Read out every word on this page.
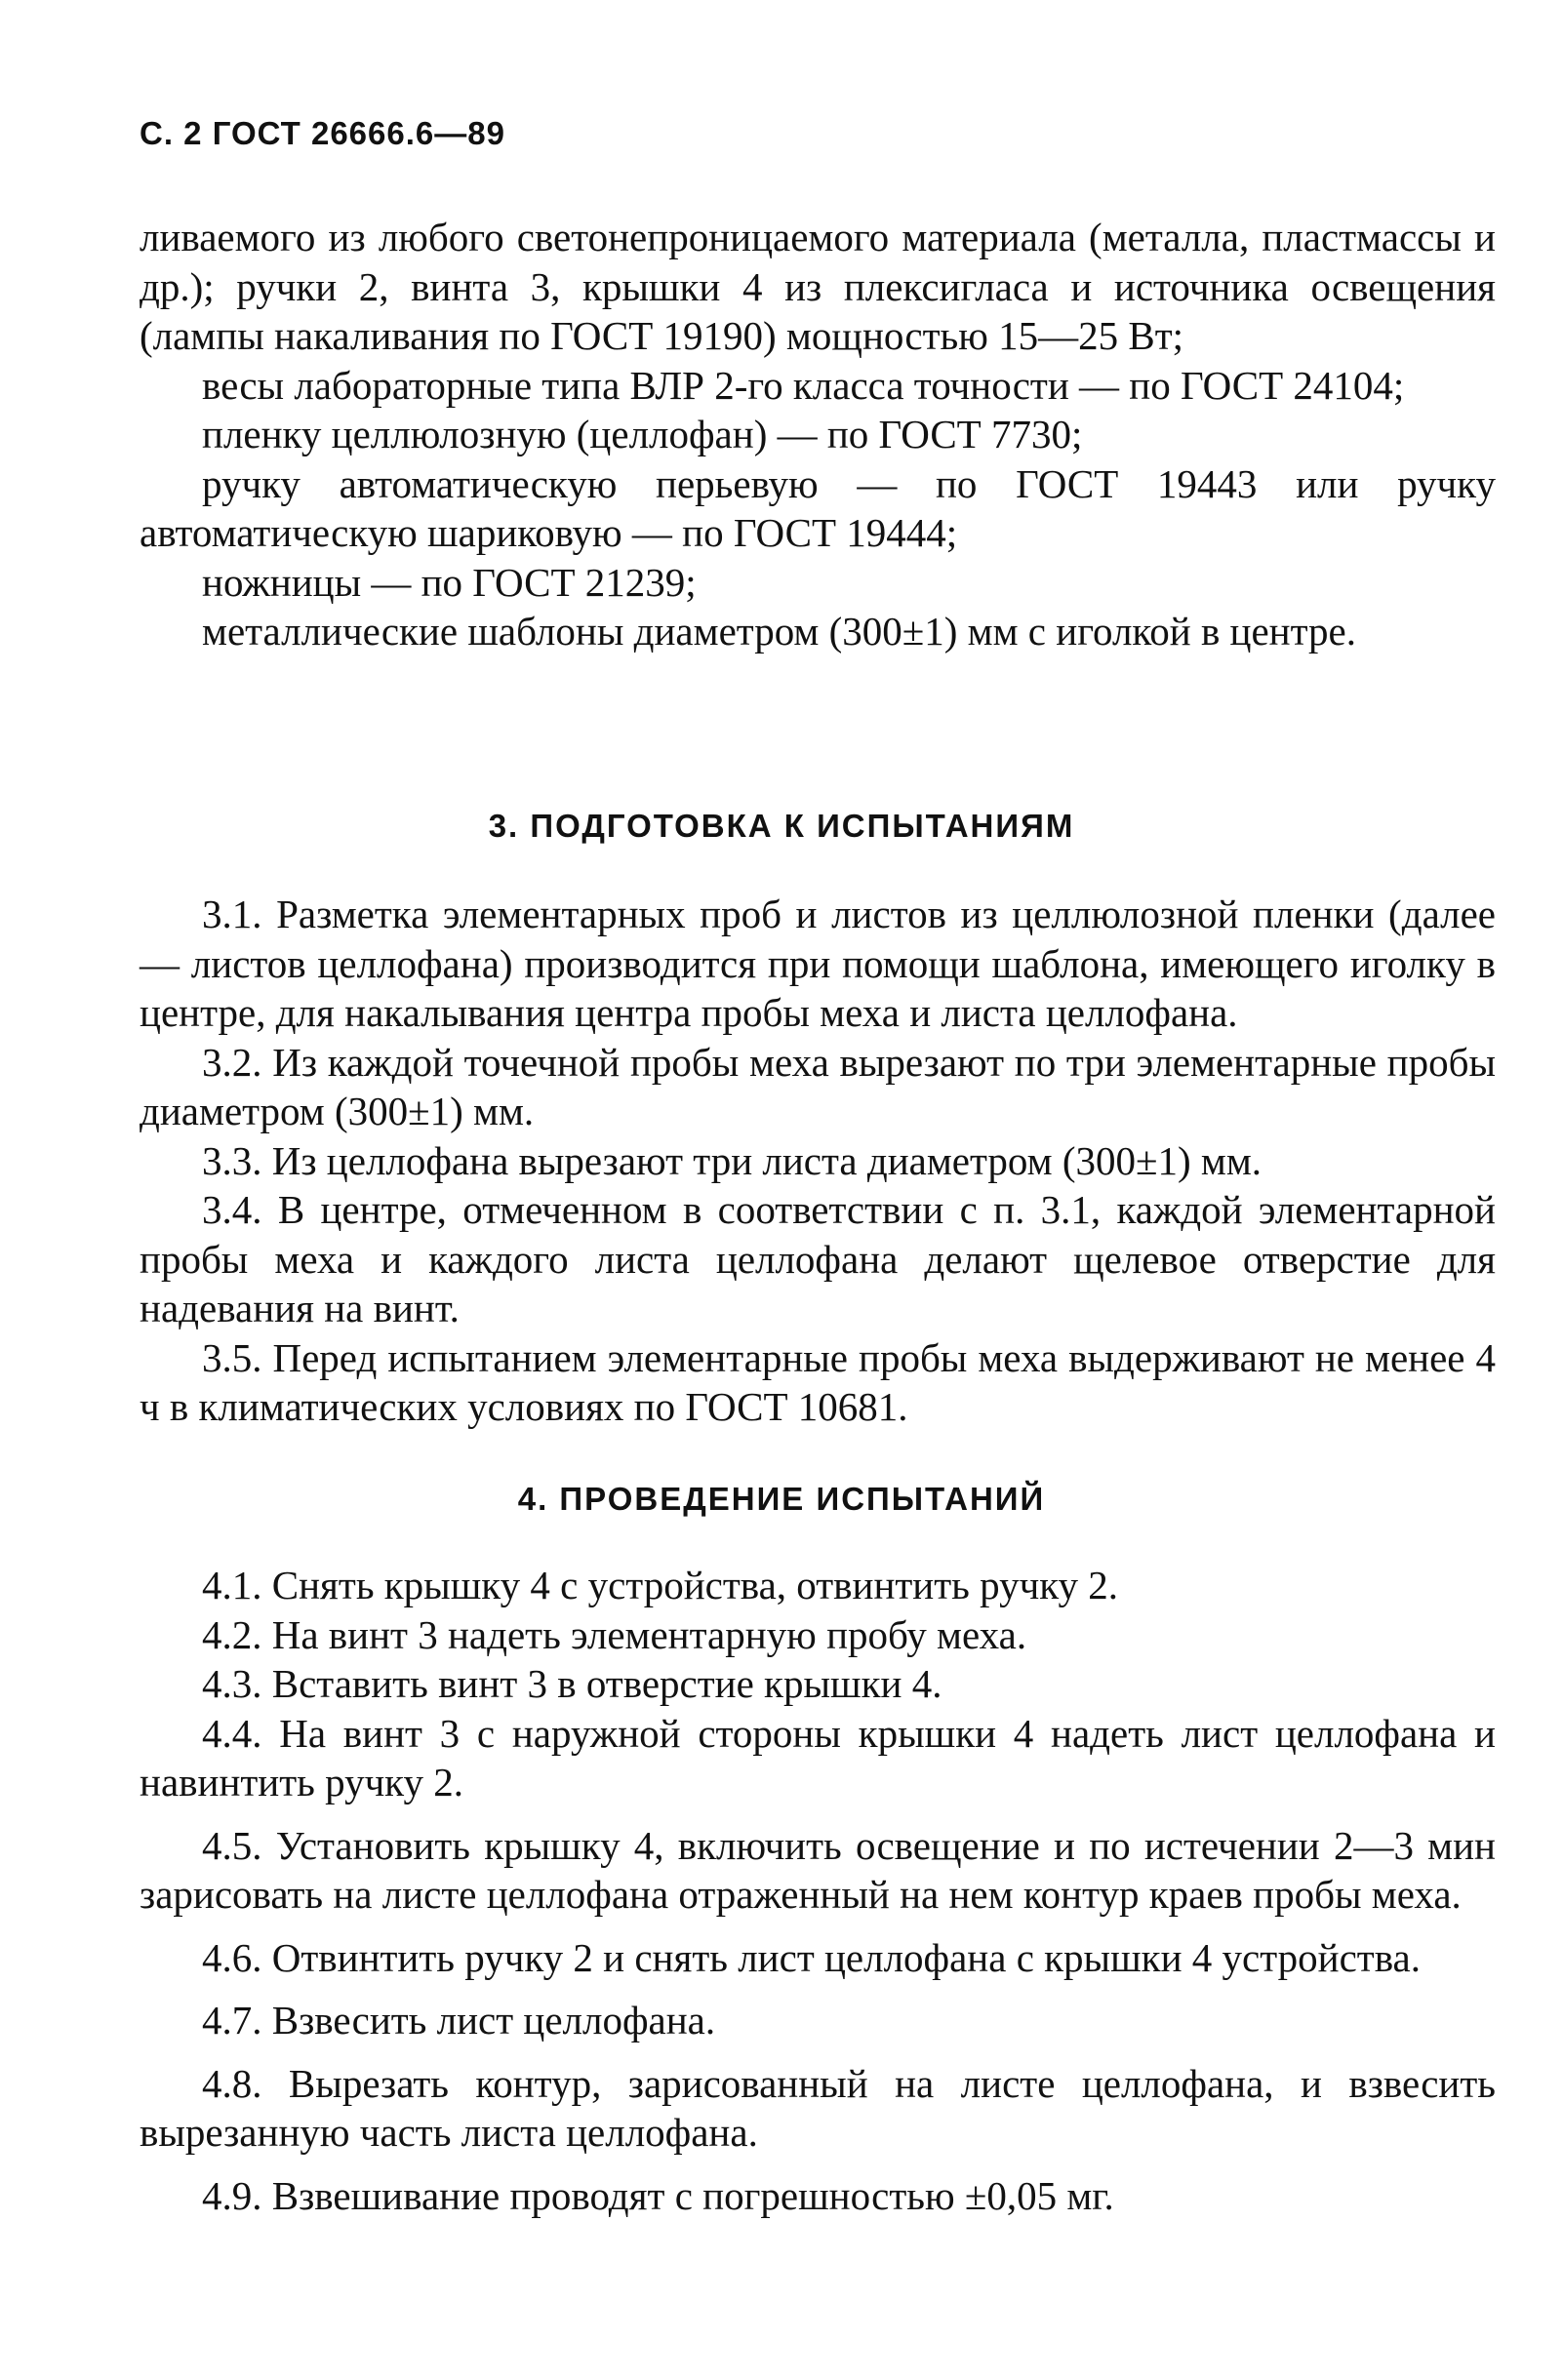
С. 2 ГОСТ 26666.6—89

ливаемого из любого светонепроницаемого материала (металла, пластмассы и др.); ручки 2, винта 3, крышки 4 из плексигласа и источника освещения (лампы накаливания по ГОСТ 19190) мощностью 15—25 Вт;

весы лабораторные типа ВЛР 2-го класса точности — по ГОСТ 24104;

пленку целлюлозную (целлофан) — по ГОСТ 7730;

ручку автоматическую перьевую — по ГОСТ 19443 или ручку автоматическую шариковую — по ГОСТ 19444;

ножницы — по ГОСТ 21239;

металлические шаблоны диаметром (300±1) мм с иголкой в центре.

3. ПОДГОТОВКА К ИСПЫТАНИЯМ

3.1. Разметка элементарных проб и листов из целлюлозной пленки (далее — листов целлофана) производится при помощи шаблона, имеющего иголку в центре, для накалывания центра пробы меха и листа целлофана.

3.2. Из каждой точечной пробы меха вырезают по три элементарные пробы диаметром (300±1) мм.

3.3. Из целлофана вырезают три листа диаметром (300±1) мм.

3.4. В центре, отмеченном в соответствии с п. 3.1, каждой элементарной пробы меха и каждого листа целлофана делают щелевое отверстие для надевания на винт.

3.5. Перед испытанием элементарные пробы меха выдерживают не менее 4 ч в климатических условиях по ГОСТ 10681.

4. ПРОВЕДЕНИЕ ИСПЫТАНИЙ

4.1. Снять крышку 4 с устройства, отвинтить ручку 2.

4.2. На винт 3 надеть элементарную пробу меха.

4.3. Вставить винт 3 в отверстие крышки 4.

4.4. На винт 3 с наружной стороны крышки 4 надеть лист целлофана и навинтить ручку 2.

4.5. Установить крышку 4, включить освещение и по истечении 2—3 мин зарисовать на листе целлофана отраженный на нем контур краев пробы меха.

4.6. Отвинтить ручку 2 и снять лист целлофана с крышки 4 устройства.

4.7. Взвесить лист целлофана.

4.8. Вырезать контур, зарисованный на листе целлофана, и взвесить вырезанную часть листа целлофана.

4.9. Взвешивание проводят с погрешностью ±0,05 мг.
